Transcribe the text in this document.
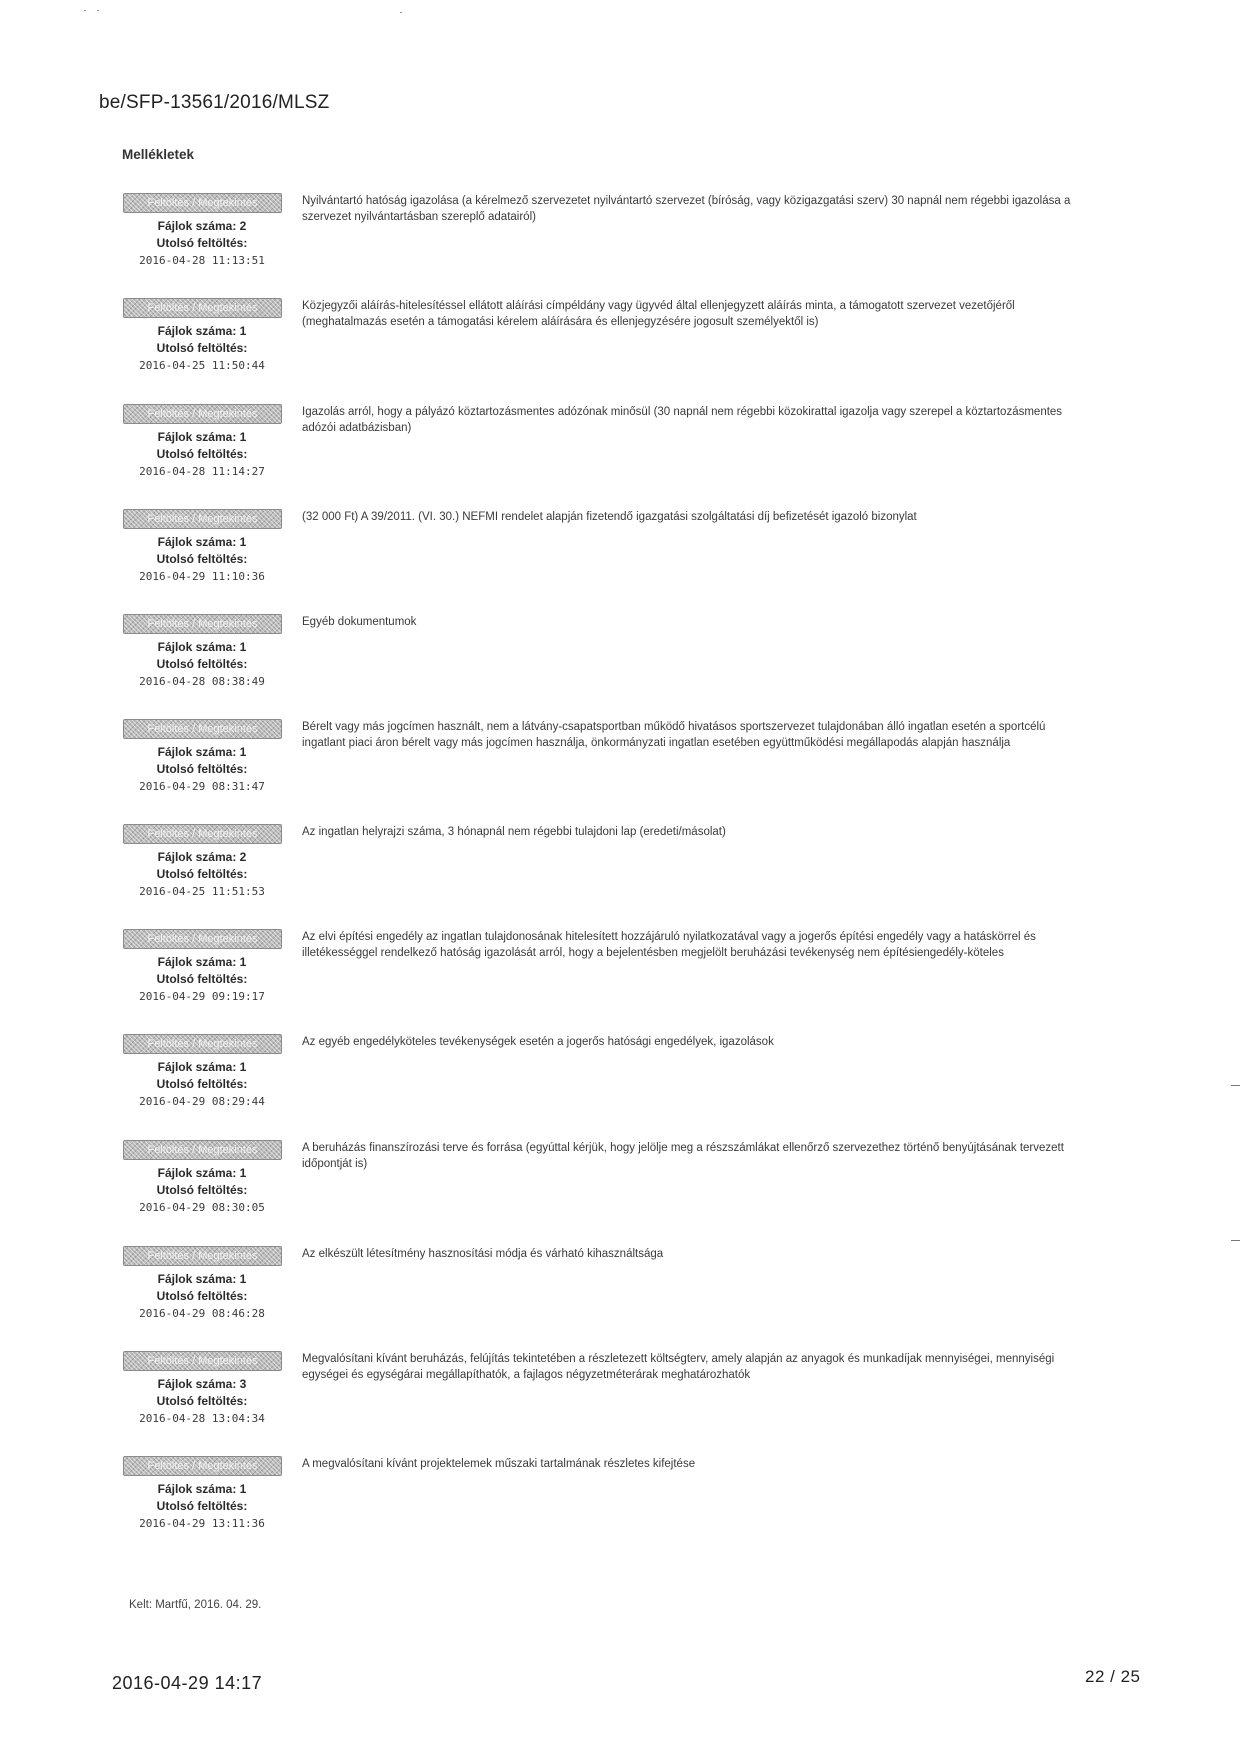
be/SFP-13561/2016/MLSZ
Mellékletek
Feltöltés / Megtekintés
Fájlok száma: 2
Utolsó feltöltés:
2016-04-28 11:13:51
Nyilvántartó hatóság igazolása (a kérelmező szervezetet nyilvántartó szervezet (bíróság, vagy közigazgatási szerv) 30 napnál nem régebbi igazolása a szervezet nyilvántartásban szereplő adatairól)
Feltöltés / Megtekintés
Fájlok száma: 1
Utolsó feltöltés:
2016-04-25 11:50:44
Közjegyzői aláírás-hitelesítéssel ellátott aláírási címpéldány vagy ügyvéd által ellenjegyzett aláírás minta, a támogatott szervezet vezetőjéről (meghatalmazás esetén a támogatási kérelem aláírására és ellenjegyzésére jogosult személyektől is)
Feltöltés / Megtekintés
Fájlok száma: 1
Utolsó feltöltés:
2016-04-28 11:14:27
Igazolás arról, hogy a pályázó köztartozásmentes adózónak minősül (30 napnál nem régebbi közokirattal igazolja vagy szerepel a köztartozásmentes adózói adatbázisban)
Feltöltés / Megtekintés
Fájlok száma: 1
Utolsó feltöltés:
2016-04-29 11:10:36
(32 000 Ft) A 39/2011. (VI. 30.) NEFMI rendelet alapján fizetendő igazgatási szolgáltatási díj befizetését igazoló bizonylat
Feltöltés / Megtekintés
Fájlok száma: 1
Utolsó feltöltés:
2016-04-28 08:38:49
Egyéb dokumentumok
Feltöltés / Megtekintés
Fájlok száma: 1
Utolsó feltöltés:
2016-04-29 08:31:47
Bérelt vagy más jogcímen használt, nem a látvány-csapatsportban működő hivatásos sportszervezet tulajdonában álló ingatlan esetén a sportcélú ingatlant piaci áron bérelt vagy más jogcímen használja, önkormányzati ingatlan esetében együttműködési megállapodás alapján használja
Feltöltés / Megtekintés
Fájlok száma: 2
Utolsó feltöltés:
2016-04-25 11:51:53
Az ingatlan helyrajzi száma, 3 hónapnál nem régebbi tulajdoni lap (eredeti/másolat)
Feltöltés / Megtekintés
Fájlok száma: 1
Utolsó feltöltés:
2016-04-29 09:19:17
Az elvi építési engedély az ingatlan tulajdonosának hitelesített hozzájáruló nyilatkozatával vagy a jogerős építési engedély vagy a hatáskörrel és illetékességgel rendelkező hatóság igazolását arról, hogy a bejelentésben megjelölt beruházási tevékenység nem építésiengedély-köteles
Feltöltés / Megtekintés
Fájlok száma: 1
Utolsó feltöltés:
2016-04-29 08:29:44
Az egyéb engedélyköteles tevékenységek esetén a jogerős hatósági engedélyek, igazolások
Feltöltés / Megtekintés
Fájlok száma: 1
Utolsó feltöltés:
2016-04-29 08:30:05
A beruházás finanszírozási terve és forrása (egyúttal kérjük, hogy jelölje meg a részszámlákat ellenőrző szervezethez történő benyújtásának tervezett időpontját is)
Feltöltés / Megtekintés
Fájlok száma: 1
Utolsó feltöltés:
2016-04-29 08:46:28
Az elkészült létesítmény hasznosítási módja és várható kihasználtsága
Feltöltés / Megtekintés
Fájlok száma: 3
Utolsó feltöltés:
2016-04-28 13:04:34
Megvalósítani kívánt beruházás, felújítás tekintetében a részletezett költségterv, amely alapján az anyagok és munkadíjak mennyiségei, mennyiségi egységei és egységárai megállapíthatók, a fajlagos négyzetméterárak meghatározhatók
Feltöltés / Megtekintés
Fájlok száma: 1
Utolsó feltöltés:
2016-04-29 13:11:36
A megvalósítani kívánt projektelemek műszaki tartalmának részletes kifejtése
Kelt: Martfű, 2016. 04. 29.
2016-04-29 14:17	22 / 25
